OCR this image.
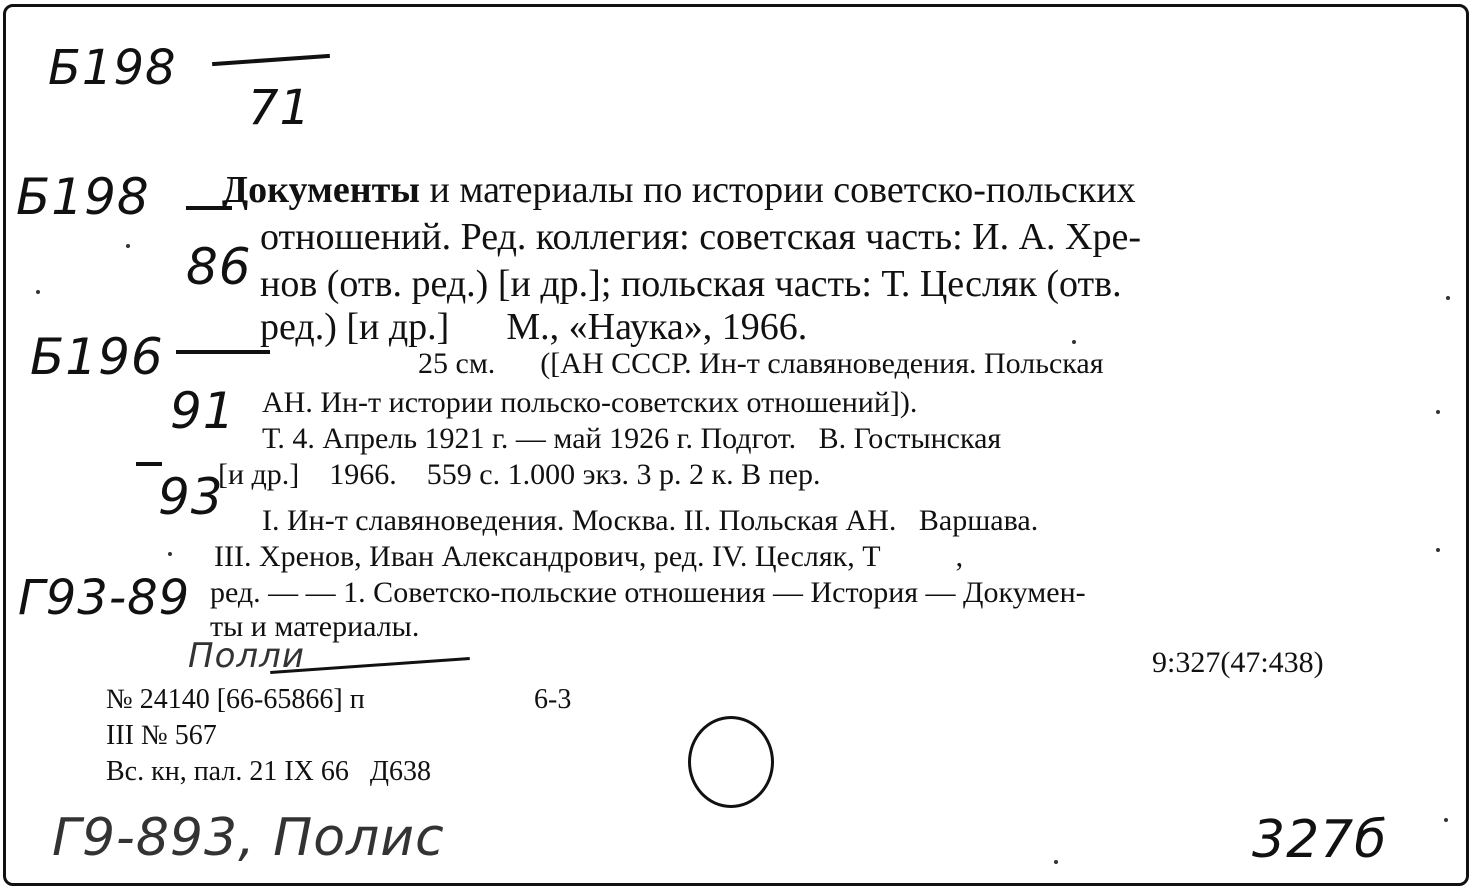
Б198
71
Б198
86
Б196
91
93
Г93-89
Полли
Г9-893, Полис	327б
Документы и материалы по истории советско-польских
отношений. Ред. коллегия: советская часть: И. А. Хре-
нов (отв. ред.) [и др.]; польская часть: Т. Цесляк (отв.
ред.) [и др.]      М., «Наука», 1966.
25 см.      ([АН СССР. Ин-т славяноведения. Польская
АН. Ин-т истории польско-советских отношений]).
Т. 4. Апрель 1921 г. — май 1926 г. Подгот.   В. Гостынская
[и др.]    1966.    559 с. 1.000 экз. 3 р. 2 к. В пер.
I. Ин-т славяноведения. Москва. II. Польская АН.   Варшава.
III. Хренов, Иван Александрович, ред. IV. Цесляк, Т          ,
ред. — — 1. Советско-польские отношения — История — Докумен-
ты и материалы.
9:327(47:438)
№ 24140 [66-65866] п	6-3
III № 567
Вс. кн, пал. 21 IX 66   Д638
